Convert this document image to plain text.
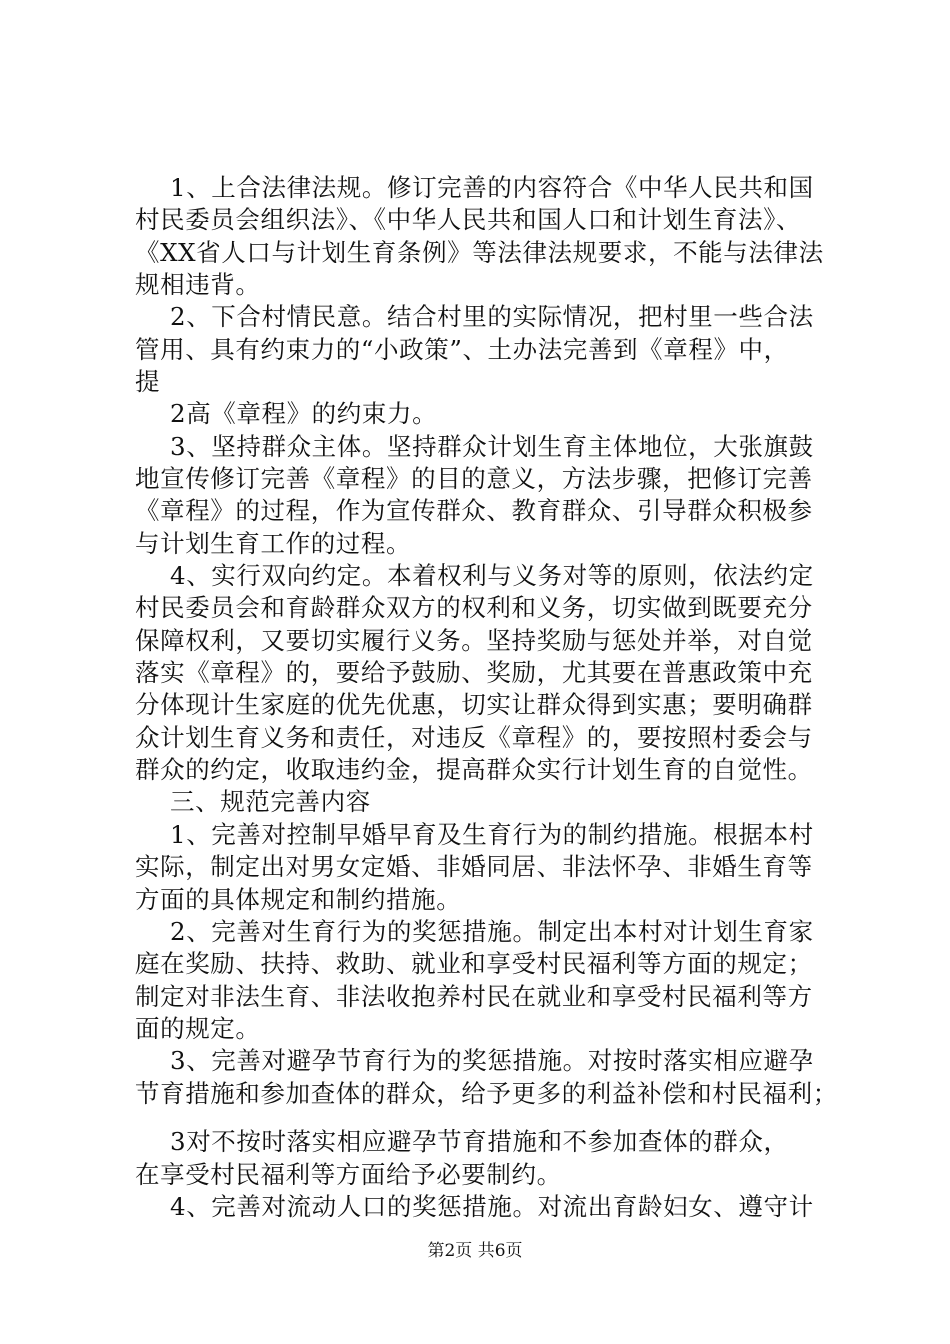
1、上合法律法规。修订完善的内容符合《中华人民共和国
村民委员会组织法》、《中华人民共和国人口和计划生育法》、
《XX省人口与计划生育条例》等法律法规要求，不能与法律法
规相违背。
2、下合村情民意。结合村里的实际情况，把村里一些合法
管用、具有约束力的“小政策”、土办法完善到《章程》中，
提
2高《章程》的约束力。
3、坚持群众主体。坚持群众计划生育主体地位，大张旗鼓
地宣传修订完善《章程》的目的意义，方法步骤，把修订完善
《章程》的过程，作为宣传群众、教育群众、引导群众积极参
与计划生育工作的过程。
4、实行双向约定。本着权利与义务对等的原则，依法约定
村民委员会和育龄群众双方的权利和义务，切实做到既要充分
保障权利，又要切实履行义务。坚持奖励与惩处并举，对自觉
落实《章程》的，要给予鼓励、奖励，尤其要在普惠政策中充
分体现计生家庭的优先优惠，切实让群众得到实惠；要明确群
众计划生育义务和责任，对违反《章程》的，要按照村委会与
群众的约定，收取违约金，提高群众实行计划生育的自觉性。
三、规范完善内容
1、完善对控制早婚早育及生育行为的制约措施。根据本村
实际，制定出对男女定婚、非婚同居、非法怀孕、非婚生育等
方面的具体规定和制约措施。
2、完善对生育行为的奖惩措施。制定出本村对计划生育家
庭在奖励、扶持、救助、就业和享受村民福利等方面的规定；
制定对非法生育、非法收抱养村民在就业和享受村民福利等方
面的规定。
3、完善对避孕节育行为的奖惩措施。对按时落实相应避孕
节育措施和参加查体的群众，给予更多的利益补偿和村民福利；
3对不按时落实相应避孕节育措施和不参加查体的群众，
在享受村民福利等方面给予必要制约。
4、完善对流动人口的奖惩措施。对流出育龄妇女、遵守计
第2页 共6页
